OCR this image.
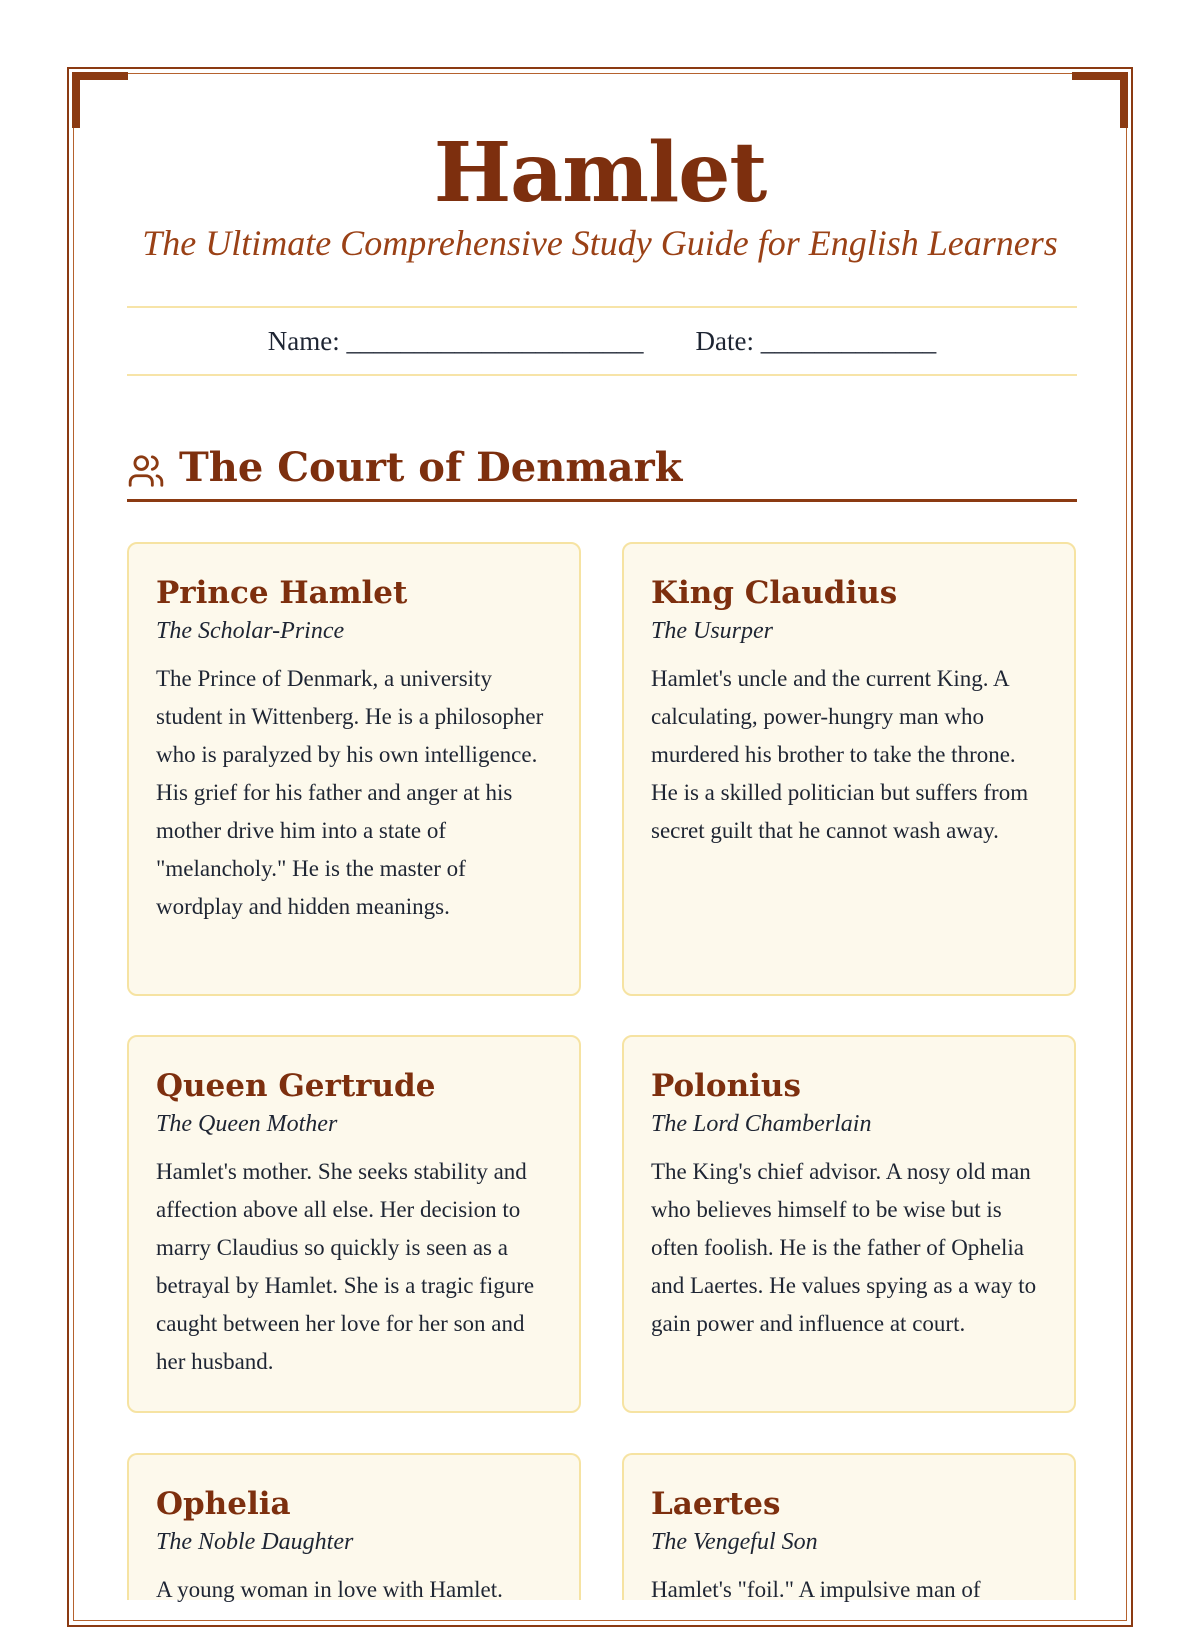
Hamlet
The Ultimate Comprehensive Study Guide for English Learners
Name: ______________________ Date: _____________
The Court of Denmark
Prince Hamlet
The Scholar-Prince
The Prince of Denmark, a university student in Wittenberg. He is a philosopher who is paralyzed by his own intelligence. His grief for his father and anger at his mother drive him into a state of "melancholy." He is the master of wordplay and hidden meanings.
King Claudius
The Usurper
Hamlet's uncle and the current King. A calculating, power-hungry man who murdered his brother to take the throne. He is a skilled politician but suffers from secret guilt that he cannot wash away.
Queen Gertrude
The Queen Mother
Hamlet's mother. She seeks stability and affection above all else. Her decision to marry Claudius so quickly is seen as a betrayal by Hamlet. She is a tragic figure caught between her love for her son and her husband.
Polonius
The Lord Chamberlain
The King's chief advisor. A nosy old man who believes himself to be wise but is often foolish. He is the father of Ophelia and Laertes. He values spying as a way to gain power and influence at court.
Ophelia
The Noble Daughter
A young woman in love with Hamlet.
Laertes
The Vengeful Son
Hamlet's "foil." A impulsive man of
